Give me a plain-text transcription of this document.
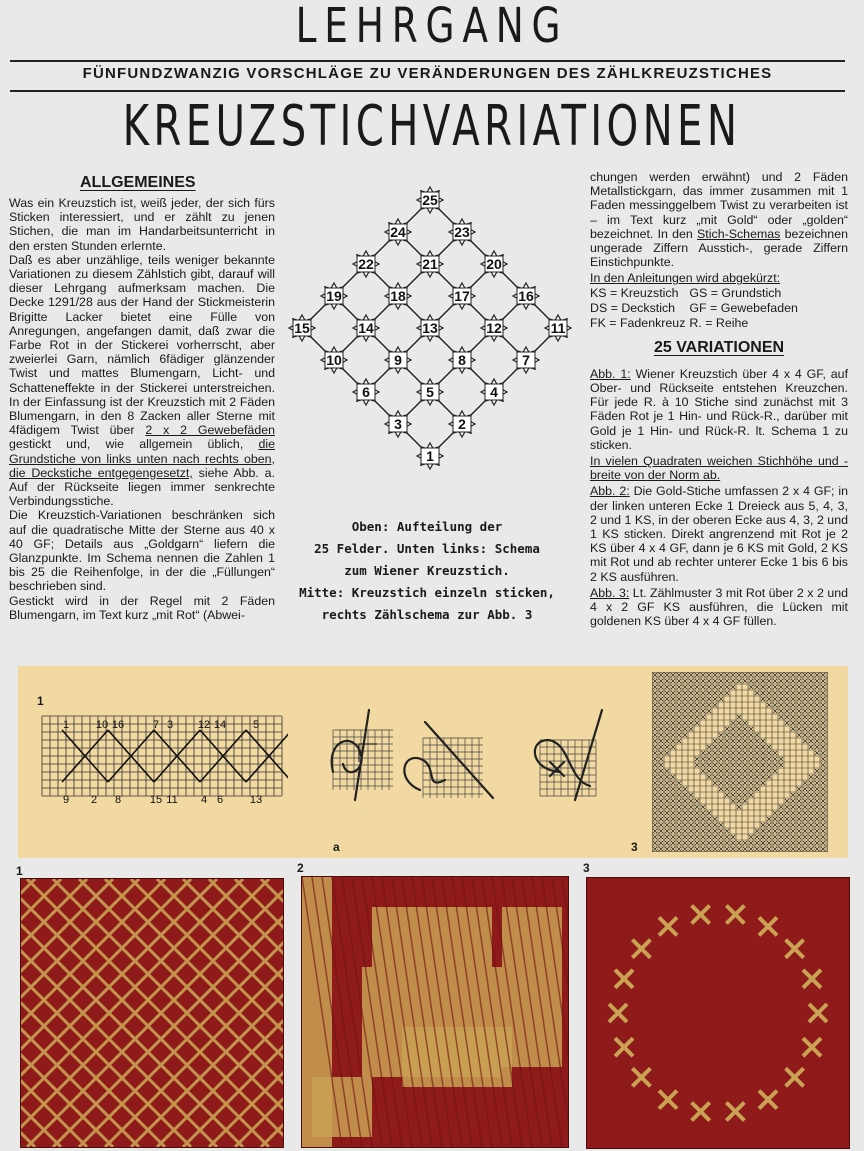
LEHRGANG
FÜNFUNDZWANZIG VORSCHLÄGE ZU VERÄNDERUNGEN DES ZÄHLKREUZSTICHES
KREUZSTICHVARIATIONEN
ALLGEMEINES

Was ein Kreuzstich ist, weiß jeder, der sich fürs Sticken interessiert, und er zählt zu jenen Stichen, die man im Handarbeitsunterricht in den ersten Stunden erlernte.

Daß es aber unzählige, teils weniger bekannte Variationen zu diesem Zählstich gibt, darauf will dieser Lehrgang aufmerksam machen. Die Decke 1291/28 aus der Hand der Stickmeisterin Brigitte Lacker bietet eine Fülle von Anregungen, angefangen damit, daß zwar die Farbe Rot in der Stickerei vorherrscht, aber zweierlei Garn, nämlich 6fädiger glänzender Twist und mattes Blumengarn, Licht- und Schatteneffekte in der Stickerei unterstreichen. In der Einfassung ist der Kreuzstich mit 2 Fäden Blumengarn, in den 8 Zacken aller Sterne mit 4fädigem Twist über 2 x 2 Gewebefäden gestickt und, wie allgemein üblich, die Grundstiche von links unten nach rechts oben, die Deckstiche entgegengesetzt, siehe Abb. a. Auf der Rückseite liegen immer senkrechte Verbindungsstiche.

Die Kreuzstich-Variationen beschränken sich auf die quadratische Mitte der Sterne aus 40 x 40 GF; Details aus „Goldgarn“ liefern die Glanzpunkte. Im Schema nennen die Zahlen 1 bis 25 die Reihenfolge, in der die „Füllungen“ beschrieben sind.

Gestickt wird in der Regel mit 2 Fäden Blumengarn, im Text kurz „mit Rot“ (Abwei-

1
2
3
4
5
6
7
8
9
10
11
12
13
14
15
16
17
18
19
20
21
22
23
24
25
Oben: Aufteilung der
25 Felder. Unten links: Schema
zum Wiener Kreuzstich.
Mitte: Kreuzstich einzeln sticken,
rechts Zählschema zur Abb. 3

chungen werden erwähnt) und 2 Fäden Metallstickgarn, das immer zusammen mit 1 Faden messinggelbem Twist zu verarbeiten ist – im Text kurz „mit Gold“ oder „golden“ bezeichnet. In den Stich-Schemas bezeichnen ungerade Ziffern Ausstich-, gerade Ziffern Einstichpunkte.

In den Anleitungen wird abgekürzt:

KS = Kreuzstich	GS = Grundstich
DS = Deckstich	GF = Gewebefaden
FK = Fadenkreuz	R. = Reihe
25 VARIATIONEN

Abb. 1: Wiener Kreuzstich über 4 x 4 GF, auf Ober- und Rückseite entstehen Kreuzchen. Für jede R. à 10 Stiche sind zunächst mit 3 Fäden Rot je 1 Hin- und Rück-R., darüber mit Gold je 1 Hin- und Rück-R. lt. Schema 1 zu sticken.

In vielen Quadraten weichen Stichhöhe und -breite von der Norm ab.

Abb. 2: Die Gold-Stiche umfassen 2 x 4 GF; in der linken unteren Ecke 1 Dreieck aus 5, 4, 3, 2 und 1 KS, in der oberen Ecke aus 4, 3, 2 und 1 KS sticken. Direkt angrenzend mit Rot je 2 KS über 4 x 4 GF, dann je 6 KS mit Gold, 2 KS mit Rot und ab rechter unterer Ecke 1 bis 6 bis 2 KS ausführen.

Abb. 3: Lt. Zählmuster 3 mit Rot über 2 x 2 und 4 x 2 GF KS ausführen, die Lücken mit goldenen KS über 4 x 4 GF füllen.

1
1 10 16	7 3 12 14 5
9 2 8	15 11 4 6 13
a	3
1	2	3
